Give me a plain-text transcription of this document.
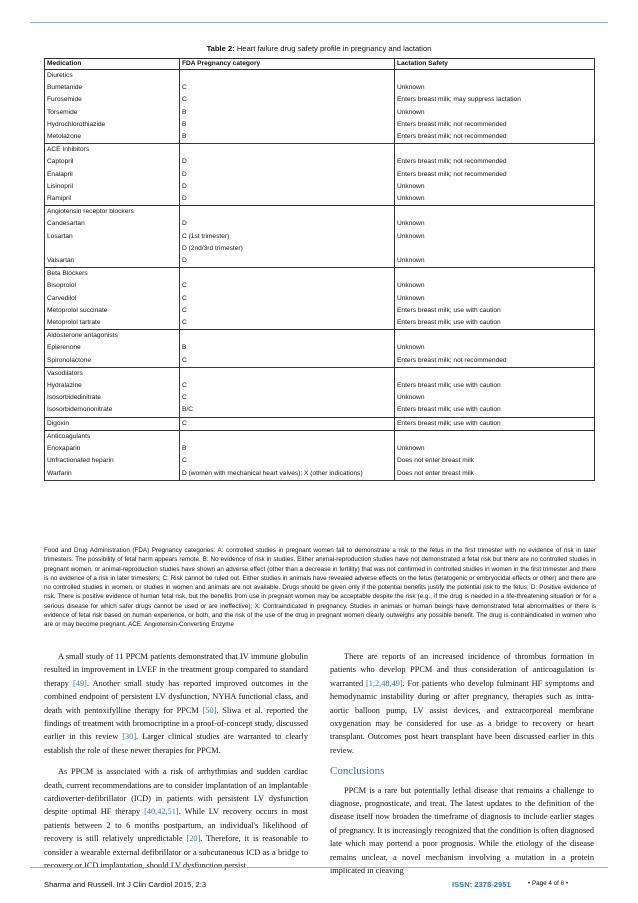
Table 2: Heart failure drug safety profile in pregnancy and lactation
Medication	FDA Pregnancy category	Lactation Safety
Diuretics		
Bumetanide	C	Unknown
Furosemide	C	Enters breast milk; may suppress lactation
Torsemide	B	Unknown
Hydrochlorothiazide	B	Enters breast milk; not recommended
Metolazone	B	Enters breast milk; not recommended
ACE Inhibitors		
Captopril	D	Enters breast milk; not recommended
Enalapril	D	Enters breast milk; not recommended
Lisinopril	D	Unknown
Ramipril	D	Unknown
Angiotensin receptor blockers		
Candesartan	D	Unknown
Losartan	C (1st trimester)	Unknown
	D (2nd/3rd trimester)	
Valsartan	D	Unknown
Beta Blockers		
Bisoprolol	C	Unknown
Carvedilol	C	Unknown
Metoprolol succinate	C	Enters breast milk; use with caution
Metoprolol tartrate	C	Enters breast milk; use with caution
Aldosterone antagonists		
Eplerenone	B	Unknown
Spironolactone	C	Enters breast milk; not recommended
Vasodilators		
Hydralazine	C	Enters breast milk; use with caution
Isosorbidedinitrate	C	Unknown
Isosorbidemononitrate	B/C	Enters breast milk; use with caution
Digoxin	C	Enters breast milk; use with caution
Anticoagulants		
Enoxaparin	B	Unknown
Unfractionated heparin	C	Does not enter breast milk
Warfarin	D (women with mechanical heart valves); X (other indications)	Does not enter breast milk
Food and Drug Administration (FDA) Pregnancy categories: A: controlled studies in pregnant women fail to demonstrate a risk to the fetus in the first trimester with no evidence of risk in later trimesters. The possibility of fetal harm appears remote. B: No evidence of risk in studies. Either animal-reproduction studies have not demonstrated a fetal risk but there are no controlled studies in pregnant women, or animal-reproduction studies have shown an adverse effect (other than a decrease in fertility) that was not confirmed in controlled studies in women in the first trimester and there is no evidence of a risk in later trimesters; C: Risk cannot be ruled out. Either studies in animals have revealed adverse effects on the fetus (teratogenic or embryocidal effects or other) and there are no controlled studies in women, or studies in women and animals are not available. Drugs should be given only if the potential benefits justify the potential risk to the fetus; D: Positive evidence of risk. There is positive evidence of human fetal risk, but the benefits from use in pregnant women may be acceptable despite the risk (e.g., if the drug is needed in a life-threatening situation or for a serious disease for which safer drugs cannot be used or are ineffective); X: Contraindicated in pregnancy. Studies in animals or human beings have demonstrated fetal abnormalities or there is evidence of fetal risk based on human experience, or both, and the risk of the use of the drug in pregnant women clearly outweighs any possible benefit. The drug is contraindicated in women who are or may become pregnant. ACE: Angiotensin-Converting Enzyme

A small study of 11 PPCM patients demonstrated that IV immune globulin resulted in improvement in LVEF in the treatment group compared to standard therapy [49]. Another small study has reported improved outcomes in the combined endpoint of persistent LV dysfunction, NYHA functional class, and death with pentoxifylline therapy for PPCM [50]. Sliwa et al. reported the findings of treatment with bromocriptine in a proof-of-concept study, discussed earlier in this review [30]. Larger clinical studies are warranted to clearly establish the role of these newer therapies for PPCM.

As PPCM is associated with a risk of arrhythmias and sudden cardiac death, current recommendations are to consider implantation of an implantable cardioverter-defibrillator (ICD) in patients with persistent LV dysfunction despite optimal HF therapy [40,42,51]. While LV recovery occurs in most patients between 2 to 6 months postpartum, an individual's likelihood of recovery is still relatively unpredictable [20]. Therefore, it is reasonable to consider a wearable external defibrillator or a subcutaneous ICD as a bridge to recovery or ICD implantation, should LV dysfunction persist.

There are reports of an increased incidence of thrombus formation in patients who develop PPCM and thus consideration of anticoagulation is warranted [1,2,48,49]. For patients who develop fulminant HF symptoms and hemodynamic instability during or after pregnancy, therapies such as intra-aortic balloon pump, LV assist devices, and extracorporeal membrane oxygenation may be considered for use as a bridge to recovery or heart transplant. Outcomes post heart transplant have been discussed earlier in this review.

Conclusions

PPCM is a rare but potentially lethal disease that remains a challenge to diagnose, prognosticate, and treat. The latest updates to the definition of the disease itself now broaden the timeframe of diagnosis to include earlier stages of pregnancy. It is increasingly recognized that the condition is often diagnosed late which may portend a poor prognosis. While the etiology of the disease remains unclear, a novel mechanism involving a mutation in a protein implicated in cleaving

Sharma and Russell. Int J Clin Cardiol 2015, 2:3	ISSN: 2378-2951	• Page 4 of 6 •
